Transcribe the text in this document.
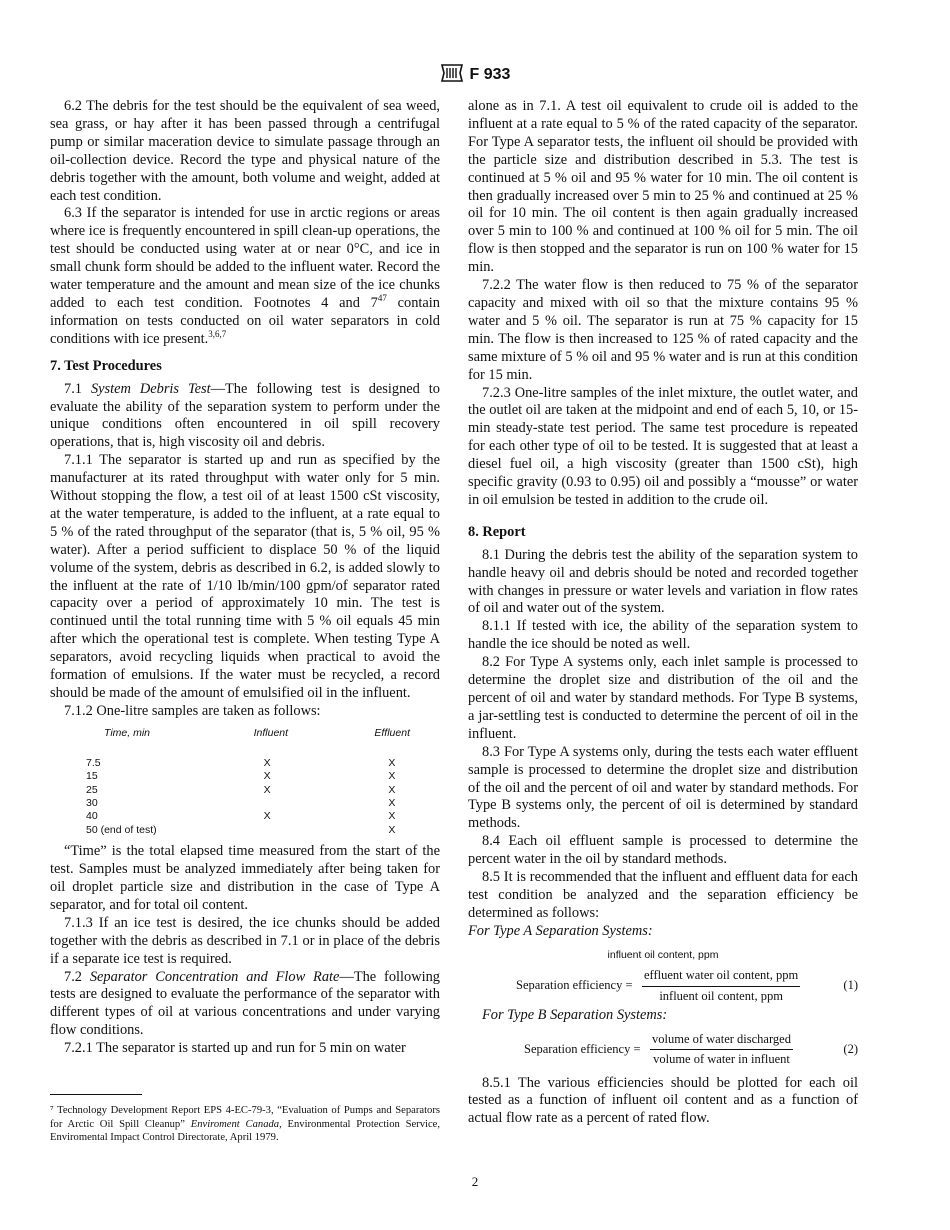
F 933

6.2 The debris for the test should be the equivalent of sea weed, sea grass, or hay after it has been passed through a centrifugal pump or similar maceration device to simulate passage through an oil-collection device. Record the type and physical nature of the debris together with the amount, both volume and weight, added at each test condition.

6.3 If the separator is intended for use in arctic regions or areas where ice is frequently encountered in spill clean-up operations, the test should be conducted using water at or near 0°C, and ice in small chunk form should be added to the influent water. Record the water temperature and the amount and mean size of the ice chunks added to each test condition. Footnotes 4 and $7^{47}$ contain information on tests conducted on oil water separators in cold conditions with ice present.$^{3,6,7}$

7. Test Procedures

7.1 System Debris Test—The following test is designed to evaluate the ability of the separation system to perform under the unique conditions often encountered in oil spill recovery operations, that is, high viscosity oil and debris.

7.1.1 The separator is started up and run as specified by the manufacturer at its rated throughput with water only for 5 min. Without stopping the flow, a test oil of at least 1500 cSt viscosity, at the water temperature, is added to the influent, at a rate equal to 5 % of the rated throughput of the separator (that is, 5 % oil, 95 % water). After a period sufficient to displace 50 % of the liquid volume of the system, debris as described in 6.2, is added slowly to the influent at the rate of 1/10 lb/min/100 gpm/of separator rated capacity over a period of approximately 10 min. The test is continued until the total running time with 5 % oil equals 45 min after which the operational test is complete. When testing Type A separators, avoid recycling liquids when practical to avoid the formation of emulsions. If the water must be recycled, a record should be made of the amount of emulsified oil in the influent.

7.1.2 One-litre samples are taken as follows:

Time, min	Influent	Effluent
7.5	X	X
15	X	X
25	X	X
30		X
40	X	X
50 (end of test)		X

“Time” is the total elapsed time measured from the start of the test. Samples must be analyzed immediately after being taken for oil droplet particle size and distribution in the case of Type A separator, and for total oil content.

7.1.3 If an ice test is desired, the ice chunks should be added together with the debris as described in 7.1 or in place of the debris if a separate ice test is required.

7.2 Separator Concentration and Flow Rate—The following tests are designed to evaluate the performance of the separator with different types of oil at various concentrations and under varying flow conditions.

7.2.1 The separator is started up and run for 5 min on water

⁷ Technology Development Report EPS 4-EC-79-3, “Evaluation of Pumps and Separators for Arctic Oil Spill Cleanup” Enviroment Canada, Environmental Protection Service, Enviromental Impact Control Directorate, April 1979.

alone as in 7.1. A test oil equivalent to crude oil is added to the influent at a rate equal to 5 % of the rated capacity of the separator. For Type A separator tests, the influent oil should be provided with the particle size and distribution described in 5.3. The test is continued at 5 % oil and 95 % water for 10 min. The oil content is then gradually increased over 5 min to 25 % and continued at 25 % oil for 10 min. The oil content is then again gradually increased over 5 min to 100 % and continued at 100 % oil for 5 min. The oil flow is then stopped and the separator is run on 100 % water for 15 min.

7.2.2 The water flow is then reduced to 75 % of the separator capacity and mixed with oil so that the mixture contains 95 % water and 5 % oil. The separator is run at 75 % capacity for 15 min. The flow is then increased to 125 % of rated capacity and the same mixture of 5 % oil and 95 % water and is run at this condition for 15 min.

7.2.3 One-litre samples of the inlet mixture, the outlet water, and the outlet oil are taken at the midpoint and end of each 5, 10, or 15-min steady-state test period. The same test procedure is repeated for each other type of oil to be tested. It is suggested that at least a diesel fuel oil, a high viscosity (greater than 1500 cSt), high specific gravity (0.93 to 0.95) oil and possibly a “mousse” or water in oil emulsion be tested in addition to the crude oil.

8. Report

8.1 During the debris test the ability of the separation system to handle heavy oil and debris should be noted and recorded together with changes in pressure or water levels and variation in flow rates of oil and water out of the system.

8.1.1 If tested with ice, the ability of the separation system to handle the ice should be noted as well.

8.2 For Type A systems only, each inlet sample is processed to determine the droplet size and distribution of the oil and the percent of oil and water by standard methods. For Type B systems, a jar-settling test is conducted to determine the percent of oil in the influent.

8.3 For Type A systems only, during the tests each water effluent sample is processed to determine the droplet size and distribution of the oil and the percent of oil and water by standard methods. For Type B systems only, the percent of oil is determined by standard methods.

8.4 Each oil effluent sample is processed to determine the percent water in the oil by standard methods.

8.5 It is recommended that the influent and effluent data for each test condition be analyzed and the separation efficiency be determined as follows:

For Type A Separation Systems:

influent oil content, ppm
Separation efficiency =
effluent water oil content, ppm
influent oil content, ppm
(1)

For Type B Separation Systems:

Separation efficiency =
volume of water discharged
volume of water in influent
(2)

8.5.1 The various efficiencies should be plotted for each oil tested as a function of influent oil content and as a function of actual flow rate as a percent of rated flow.

2
